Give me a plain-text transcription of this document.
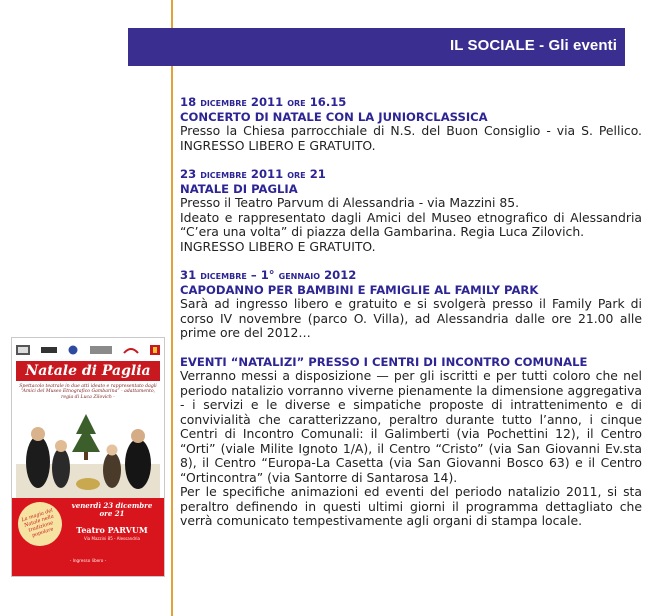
IL SOCIALE - Gli eventi
18 dicembre 2011 ore 16.15
CONCERTO DI NATALE CON LA JUNIORCLASSICA

Presso la Chiesa parrocchiale di N.S. del Buon Consiglio - via S. Pellico. INGRESSO LIBERO E GRATUITO.

23 dicembre 2011 ore 21
NATALE DI PAGLIA

Presso il Teatro Parvum di Alessandria - via Mazzini 85.

Ideato e rappresentato dagli Amici del Museo etnografico di Alessandria “C’era una volta” di piazza della Gambarina. Regia Luca Zilovich.

INGRESSO LIBERO E GRATUITO.

31 dicembre – 1° gennaio 2012
CAPODANNO PER BAMBINI E FAMIGLIE AL FAMILY PARK

Sarà ad ingresso libero e gratuito e si svolgerà presso il Family Park di corso IV novembre (parco O. Villa), ad Alessandria dalle ore 21.00 alle prime ore del 2012…

EVENTI “NATALIZI” PRESSO I CENTRI DI INCONTRO COMUNALE

Verranno messi a disposizione — per gli iscritti e per tutti coloro che nel periodo natalizio vorranno viverne pienamente la dimensione aggregativa - i servizi e le diverse e simpatiche proposte di intrattenimento e di convivialità che caratterizzano, peraltro durante tutto l’anno, i cinque Centri di Incontro Comunali: il Galimberti (via Pochettini 12), il Centro “Orti” (viale Milite Ignoto 1/A), il Centro “Cristo” (via San Giovanni Ev.sta 8), il Centro “Europa-La Casetta (via San Giovanni Bosco 63) e il Centro “Ortincontra” (via Santorre di Santarosa 14).

Per le specifiche animazioni ed eventi del periodo natalizio 2011, si sta peraltro definendo in questi ultimi giorni il programma dettagliato che verrà comunicato tempestivamente agli organi di stampa locale.

Natale di Paglia
Spettacolo teatrale in due atti ideato e rappresentato dagli “Amici del Museo Etnografico Gambarina” - adattamento, regia di Luca Zilovich -
La magia del Natale nella tradizione popolare
venerdì 23 dicembre
ore 21
Teatro PARVUM
Via Mazzini 85 - Alessandria
- Ingresso libero -
